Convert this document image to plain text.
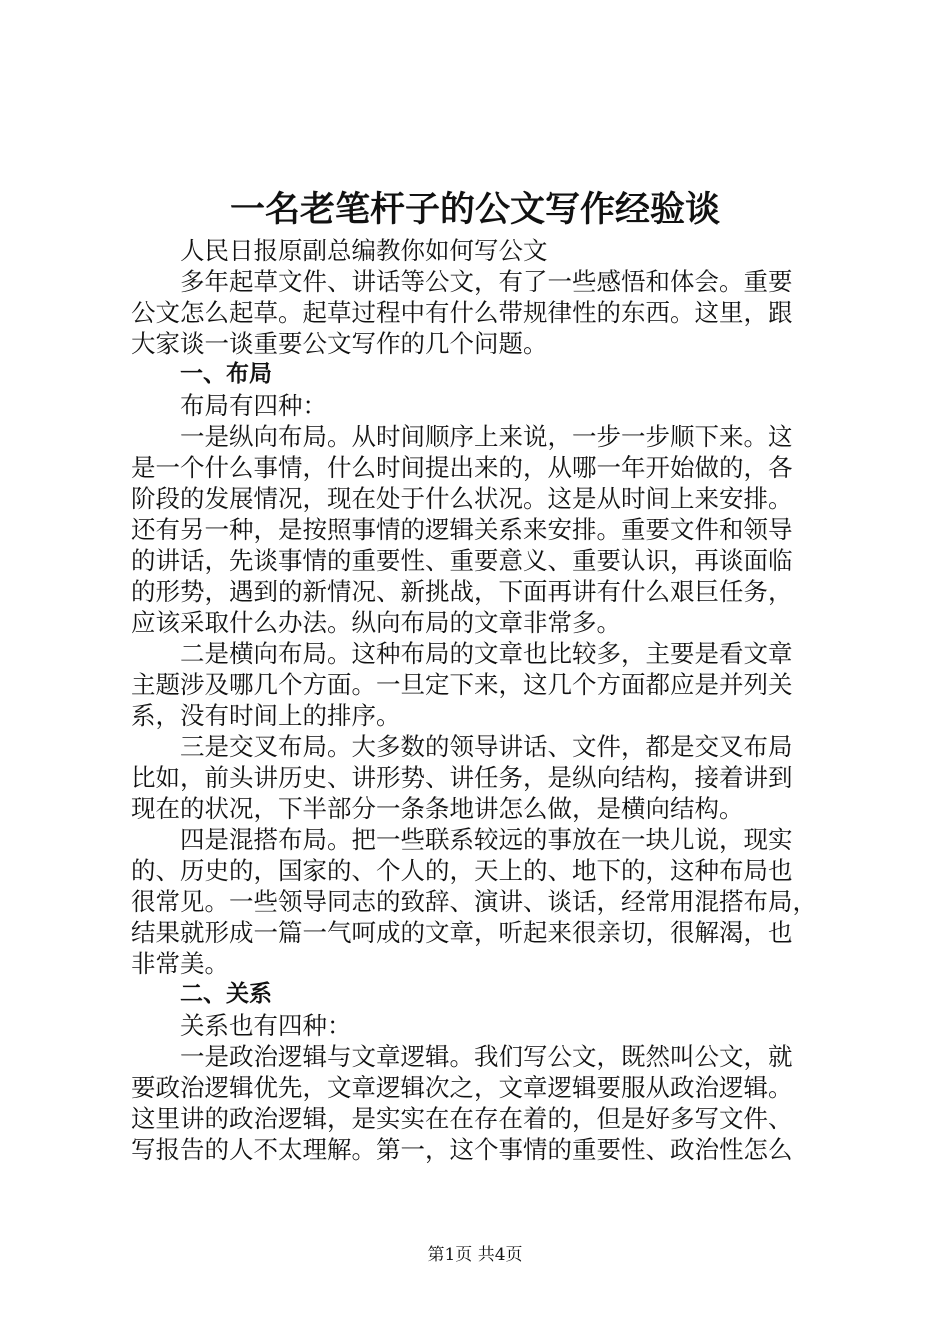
一名老笔杆子的公文写作经验谈
人民日报原副总编教你如何写公文
多年起草文件、讲话等公文，有了一些感悟和体会。重要
公文怎么起草。起草过程中有什么带规律性的东西。这里，跟
大家谈一谈重要公文写作的几个问题。
一、布局
布局有四种：
一是纵向布局。从时间顺序上来说，一步一步顺下来。这
是一个什么事情，什么时间提出来的，从哪一年开始做的，各
阶段的发展情况，现在处于什么状况。这是从时间上来安排。
还有另一种，是按照事情的逻辑关系来安排。重要文件和领导
的讲话，先谈事情的重要性、重要意义、重要认识，再谈面临
的形势，遇到的新情况、新挑战，下面再讲有什么艰巨任务，
应该采取什么办法。纵向布局的文章非常多。
二是横向布局。这种布局的文章也比较多，主要是看文章
主题涉及哪几个方面。一旦定下来，这几个方面都应是并列关
系，没有时间上的排序。
三是交叉布局。大多数的领导讲话、文件，都是交叉布局
比如，前头讲历史、讲形势、讲任务，是纵向结构，接着讲到
现在的状况，下半部分一条条地讲怎么做，是横向结构。
四是混搭布局。把一些联系较远的事放在一块儿说，现实
的、历史的，国家的、个人的，天上的、地下的，这种布局也
很常见。一些领导同志的致辞、演讲、谈话，经常用混搭布局，
结果就形成一篇一气呵成的文章，听起来很亲切，很解渴，也
非常美。
二、关系
关系也有四种：
一是政治逻辑与文章逻辑。我们写公文，既然叫公文，就
要政治逻辑优先，文章逻辑次之，文章逻辑要服从政治逻辑。
这里讲的政治逻辑，是实实在在存在着的，但是好多写文件、
写报告的人不太理解。第一，这个事情的重要性、政治性怎么
第1页 共4页
